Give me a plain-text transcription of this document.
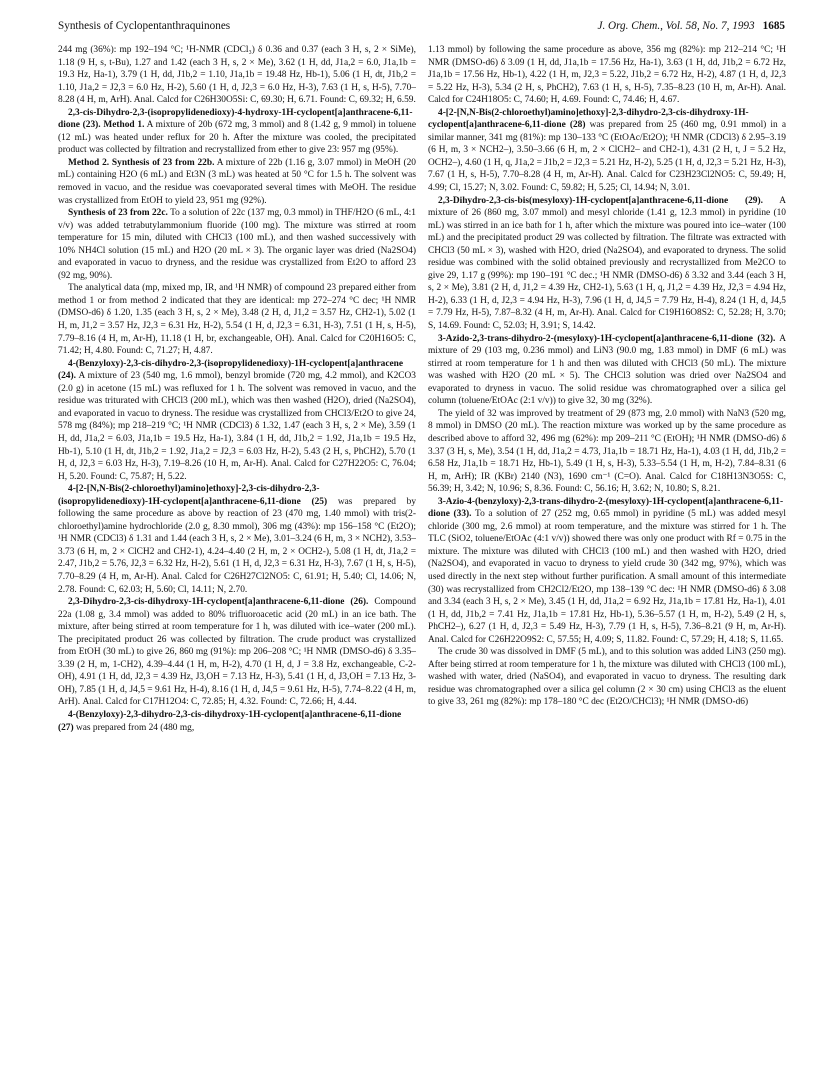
Synthesis of Cyclopentanthraquinones	J. Org. Chem., Vol. 58, No. 7, 1993 1685

244 mg (36%): mp 192–194 °C; ¹H-NMR (CDCl₃) δ 0.36 and 0.37 (each 3 H, s, 2 × SiMe), 1.18 (9 H, s, t-Bu), 1.27 and 1.42 (each 3 H, s, 2 × Me), 3.62 (1 H, dd, J1a,2 = 6.0, J1a,1b = 19.3 Hz, Ha-1), 3.79 (1 H, dd, J1b,2 = 1.10, J1a,1b = 19.48 Hz, Hb-1), 5.06 (1 H, dt, J1b,2 = 1.10, J1a,2 = J2,3 = 6.0 Hz, H-2), 5.60 (1 H, d, J2,3 = 6.0 Hz, H-3), 7.63 (1 H, s, H-5), 7.70–8.28 (4 H, m, ArH). Anal. Calcd for C26H30O5Si: C, 69.30; H, 6.71. Found: C, 69.32; H, 6.59.

2,3-cis-Dihydro-2,3-(isopropylidenedioxy)-4-hydroxy-1H-cyclopent[a]anthracene-6,11-dione (23). Method 1. A mixture of 20b (672 mg, 3 mmol) and 8 (1.42 g, 9 mmol) in toluene (12 mL) was heated under reflux for 20 h. After the mixture was cooled, the precipitated product was collected by filtration and recrystallized from ether to give 23: 957 mg (95%).

Method 2. Synthesis of 23 from 22b. A mixture of 22b (1.16 g, 3.07 mmol) in MeOH (20 mL) containing H2O (6 mL) and Et3N (3 mL) was heated at 50 °C for 1.5 h. The solvent was removed in vacuo, and the residue was coevaporated several times with MeOH. The residue was crystallized from EtOH to yield 23, 951 mg (92%).

Synthesis of 23 from 22c. To a solution of 22c (137 mg, 0.3 mmol) in THF/H2O (6 mL, 4:1 v/v) was added tetrabutylammonium fluoride (100 mg). The mixture was stirred at room temperature for 15 min, diluted with CHCl3 (100 mL), and then washed successively with 10% NH4Cl solution (15 mL) and H2O (20 mL × 3). The organic layer was dried (Na2SO4) and evaporated in vacuo to dryness, and the residue was crystallized from Et2O to afford 23 (92 mg, 90%).

The analytical data (mp, mixed mp, IR, and ¹H NMR) of compound 23 prepared either from method 1 or from method 2 indicated that they are identical: mp 272–274 °C dec; ¹H NMR (DMSO-d6) δ 1.20, 1.35 (each 3 H, s, 2 × Me), 3.48 (2 H, d, J1,2 = 3.57 Hz, CH2-1), 5.02 (1 H, m, J1,2 = 3.57 Hz, J2,3 = 6.31 Hz, H-2), 5.54 (1 H, d, J2,3 = 6.31, H-3), 7.51 (1 H, s, H-5), 7.79–8.16 (4 H, m, Ar-H), 11.18 (1 H, br, exchangeable, OH). Anal. Calcd for C20H16O5: C, 71.42; H, 4.80. Found: C, 71.27; H, 4.87.

4-(Benzyloxy)-2,3-cis-dihydro-2,3-(isopropylidenedioxy)-1H-cyclopent[a]anthracene (24). A mixture of 23 (540 mg, 1.6 mmol), benzyl bromide (720 mg, 4.2 mmol), and K2CO3 (2.0 g) in acetone (15 mL) was refluxed for 1 h. The solvent was removed in vacuo, and the residue was triturated with CHCl3 (200 mL), which was then washed (H2O), dried (Na2SO4), and evaporated in vacuo to dryness. The residue was crystallized from CHCl3/Et2O to give 24, 578 mg (84%); mp 218–219 °C; ¹H NMR (CDCl3) δ 1.32, 1.47 (each 3 H, s, 2 × Me), 3.59 (1 H, dd, J1a,2 = 6.03, J1a,1b = 19.5 Hz, Ha-1), 3.84 (1 H, dd, J1b,2 = 1.92, J1a,1b = 19.5 Hz, Hb-1), 5.10 (1 H, dt, J1b,2 = 1.92, J1a,2 = J2,3 = 6.03 Hz, H-2), 5.43 (2 H, s, PhCH2), 5.70 (1 H, d, J2,3 = 6.03 Hz, H-3), 7.19–8.26 (10 H, m, Ar-H). Anal. Calcd for C27H22O5: C, 76.04; H, 5.20. Found: C, 75.87; H, 5.22.

4-[2-[N,N-Bis(2-chloroethyl)amino]ethoxy]-2,3-cis-dihydro-2,3-(isopropylidenedioxy)-1H-cyclopent[a]anthracene-6,11-dione (25) was prepared by following the same procedure as above by reaction of 23 (470 mg, 1.40 mmol) with tris(2-chloroethyl)amine hydrochloride (2.0 g, 8.30 mmol), 306 mg (43%): mp 156–158 °C (Et2O); ¹H NMR (CDCl3) δ 1.31 and 1.44 (each 3 H, s, 2 × Me), 3.01–3.24 (6 H, m, 3 × NCH2), 3.53–3.73 (6 H, m, 2 × ClCH2 and CH2-1), 4.24–4.40 (2 H, m, 2 × OCH2-), 5.08 (1 H, dt, J1a,2 = 2.47, J1b,2 = 5.76, J2,3 = 6.32 Hz, H-2), 5.61 (1 H, d, J2,3 = 6.31 Hz, H-3), 7.67 (1 H, s, H-5), 7.70–8.29 (4 H, m, Ar-H). Anal. Calcd for C26H27Cl2NO5: C, 61.91; H, 5.40; Cl, 14.06; N, 2.78. Found: C, 62.03; H, 5.60; Cl, 14.11; N, 2.70.

2,3-Dihydro-2,3-cis-dihydroxy-1H-cyclopent[a]anthracene-6,11-dione (26). Compound 22a (1.08 g, 3.4 mmol) was added to 80% trifluoroacetic acid (20 mL) in an ice bath. The mixture, after being stirred at room temperature for 1 h, was diluted with ice–water (200 mL). The precipitated product 26 was collected by filtration. The crude product was crystallized from EtOH (30 mL) to give 26, 860 mg (91%): mp 206–208 °C; ¹H NMR (DMSO-d6) δ 3.35–3.39 (2 H, m, 1-CH2), 4.39–4.44 (1 H, m, H-2), 4.70 (1 H, d, J = 3.8 Hz, exchangeable, C-2-OH), 4.91 (1 H, dd, J2,3 = 4.39 Hz, J3,OH = 7.13 Hz, H-3), 5.41 (1 H, d, J3,OH = 7.13 Hz, 3-OH), 7.85 (1 H, d, J4,5 = 9.61 Hz, H-4), 8.16 (1 H, d, J4,5 = 9.61 Hz, H-5), 7.74–8.22 (4 H, m, ArH). Anal. Calcd for C17H12O4: C, 72.85; H, 4.32. Found: C, 72.66; H, 4.44.

4-(Benzyloxy)-2,3-dihydro-2,3-cis-dihydroxy-1H-cyclopent[a]anthracene-6,11-dione (27) was prepared from 24 (480 mg,

1.13 mmol) by following the same procedure as above, 356 mg (82%): mp 212–214 °C; ¹H NMR (DMSO-d6) δ 3.09 (1 H, dd, J1a,1b = 17.56 Hz, Ha-1), 3.63 (1 H, dd, J1b,2 = 6.72 Hz, J1a,1b = 17.56 Hz, Hb-1), 4.22 (1 H, m, J2,3 = 5.22, J1b,2 = 6.72 Hz, H-2), 4.87 (1 H, d, J2,3 = 5.22 Hz, H-3), 5.34 (2 H, s, PhCH2), 7.63 (1 H, s, H-5), 7.35–8.23 (10 H, m, Ar-H). Anal. Calcd for C24H18O5: C, 74.60; H, 4.69. Found: C, 74.46; H, 4.67.

4-[2-[N,N-Bis(2-chloroethyl)amino]ethoxy]-2,3-dihydro-2,3-cis-dihydroxy-1H-cyclopent[a]anthracene-6,11-dione (28) was prepared from 25 (460 mg, 0.91 mmol) in a similar manner, 341 mg (81%): mp 130–133 °C (EtOAc/Et2O); ¹H NMR (CDCl3) δ 2.95–3.19 (6 H, m, 3 × NCH2–), 3.50–3.66 (6 H, m, 2 × ClCH2– and CH2-1), 4.31 (2 H, t, J = 5.2 Hz, OCH2–), 4.60 (1 H, q, J1a,2 = J1b,2 = J2,3 = 5.21 Hz, H-2), 5.25 (1 H, d, J2,3 = 5.21 Hz, H-3), 7.67 (1 H, s, H-5), 7.70–8.28 (4 H, m, Ar-H). Anal. Calcd for C23H23Cl2NO5: C, 59.49; H, 4.99; Cl, 15.27; N, 3.02. Found: C, 59.82; H, 5.25; Cl, 14.94; N, 3.01.

2,3-Dihydro-2,3-cis-bis(mesyloxy)-1H-cyclopent[a]anthracene-6,11-dione (29). A mixture of 26 (860 mg, 3.07 mmol) and mesyl chloride (1.41 g, 12.3 mmol) in pyridine (10 mL) was stirred in an ice bath for 1 h, after which the mixture was poured into ice–water (100 mL) and the precipitated product 29 was collected by filtration. The filtrate was extracted with CHCl3 (50 mL × 3), washed with H2O, dried (Na2SO4), and evaporated to dryness. The solid residue was combined with the solid obtained previously and recrystallized from Me2CO to give 29, 1.17 g (99%): mp 190–191 °C dec.; ¹H NMR (DMSO-d6) δ 3.32 and 3.44 (each 3 H, s, 2 × Me), 3.81 (2 H, d, J1,2 = 4.39 Hz, CH2-1), 5.63 (1 H, q, J1,2 = 4.39 Hz, J2,3 = 4.94 Hz, H-2), 6.33 (1 H, d, J2,3 = 4.94 Hz, H-3), 7.96 (1 H, d, J4,5 = 7.79 Hz, H-4), 8.24 (1 H, d, J4,5 = 7.79 Hz, H-5), 7.87–8.32 (4 H, m, Ar-H). Anal. Calcd for C19H16O8S2: C, 52.28; H, 3.70; S, 14.69. Found: C, 52.03; H, 3.91; S, 14.42.

3-Azido-2,3-trans-dihydro-2-(mesyloxy)-1H-cyclopent[a]anthracene-6,11-dione (32). A mixture of 29 (103 mg, 0.236 mmol) and LiN3 (90.0 mg, 1.83 mmol) in DMF (6 mL) was stirred at room temperature for 1 h and then was diluted with CHCl3 (50 mL). The mixture was washed with H2O (20 mL × 5). The CHCl3 solution was dried over Na2SO4 and evaporated to dryness in vacuo. The solid residue was chromatographed over a silica gel column (toluene/EtOAc (2:1 v/v)) to give 32, 30 mg (32%).

The yield of 32 was improved by treatment of 29 (873 mg, 2.0 mmol) with NaN3 (520 mg, 8 mmol) in DMSO (20 mL). The reaction mixture was worked up by the same procedure as described above to afford 32, 496 mg (62%): mp 209–211 °C (EtOH); ¹H NMR (DMSO-d6) δ 3.37 (3 H, s, Me), 3.54 (1 H, dd, J1a,2 = 4.73, J1a,1b = 18.71 Hz, Ha-1), 4.03 (1 H, dd, J1b,2 = 6.58 Hz, J1a,1b = 18.71 Hz, Hb-1), 5.49 (1 H, s, H-3), 5.33–5.54 (1 H, m, H-2), 7.84–8.31 (6 H, m, ArH); IR (KBr) 2140 (N3), 1690 cm⁻¹ (C=O). Anal. Calcd for C18H13N3O5S: C, 56.39; H, 3.42; N, 10.96; S, 8.36. Found: C, 56.16; H, 3.62; N, 10.80; S, 8.21.

3-Azio-4-(benzyloxy)-2,3-trans-dihydro-2-(mesyloxy)-1H-cyclopent[a]anthracene-6,11-dione (33). To a solution of 27 (252 mg, 0.65 mmol) in pyridine (5 mL) was added mesyl chloride (300 mg, 2.6 mmol) at room temperature, and the mixture was stirred for 1 h. The TLC (SiO2, toluene/EtOAc (4:1 v/v)) showed there was only one product with Rf = 0.75 in the mixture. The mixture was diluted with CHCl3 (100 mL) and then washed with H2O, dried (Na2SO4), and evaporated in vacuo to dryness to yield crude 30 (342 mg, 97%), which was used directly in the next step without further purification. A small amount of this intermediate (30) was recrystallized from CH2Cl2/Et2O, mp 138–139 °C dec: ¹H NMR (DMSO-d6) δ 3.08 and 3.34 (each 3 H, s, 2 × Me), 3.45 (1 H, dd, J1a,2 = 6.92 Hz, J1a,1b = 17.81 Hz, Ha-1), 4.01 (1 H, dd, J1b,2 = 7.41 Hz, J1a,1b = 17.81 Hz, Hb-1), 5.36–5.57 (1 H, m, H-2), 5.49 (2 H, s, PhCH2–), 6.27 (1 H, d, J2,3 = 5.49 Hz, H-3), 7.79 (1 H, s, H-5), 7.36–8.21 (9 H, m, Ar-H). Anal. Calcd for C26H22O9S2: C, 57.55; H, 4.09; S, 11.82. Found: C, 57.29; H, 4.18; S, 11.65.

The crude 30 was dissolved in DMF (5 mL), and to this solution was added LiN3 (250 mg). After being stirred at room temperature for 1 h, the mixture was diluted with CHCl3 (100 mL), washed with water, dried (NaSO4), and evaporated in vacuo to dryness. The resulting dark residue was chromatographed over a silica gel column (2 × 30 cm) using CHCl3 as the eluent to give 33, 261 mg (82%): mp 178–180 °C dec (Et2O/CHCl3); ¹H NMR (DMSO-d6)
